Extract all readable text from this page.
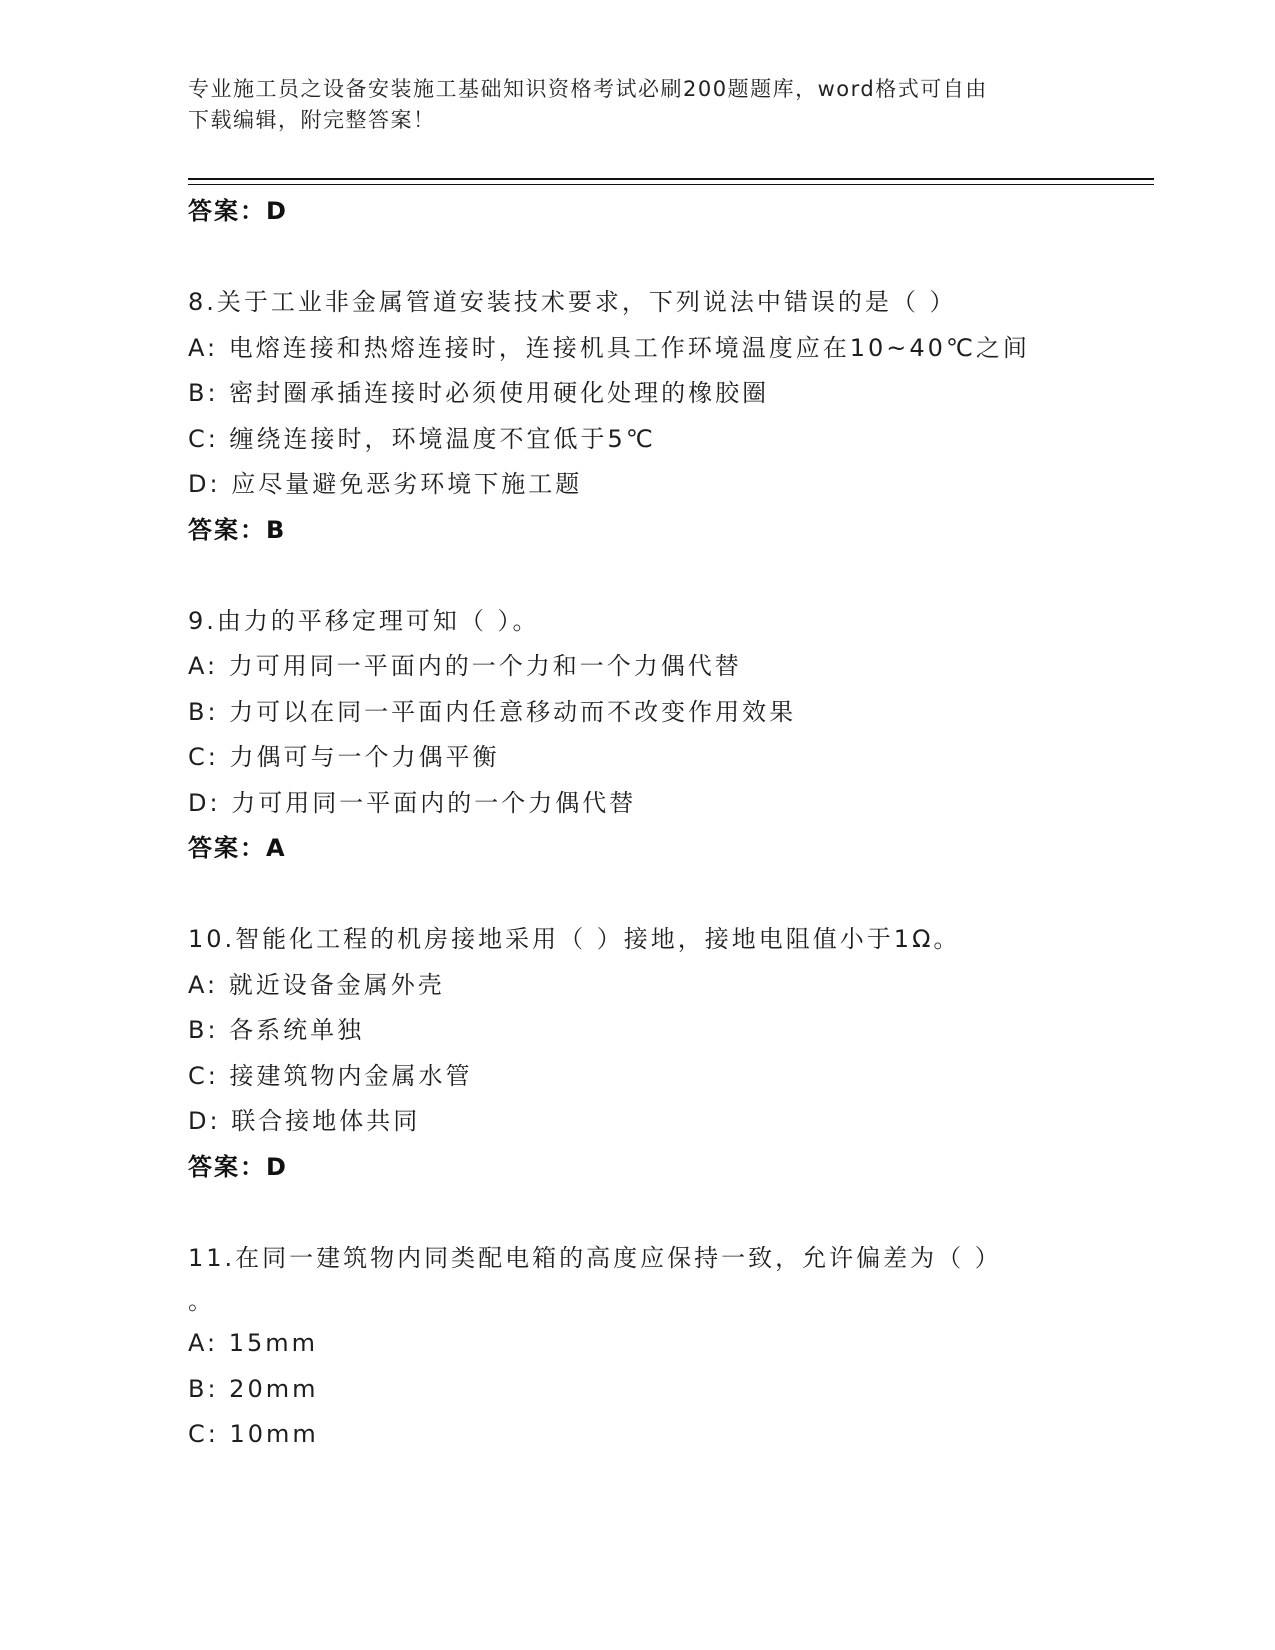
专业施工员之设备安装施工基础知识资格考试必刷200题题库，word格式可自由
下载编辑，附完整答案！
答案：D
8.关于工业非金属管道安装技术要求，下列说法中错误的是（ ）
A: 电熔连接和热熔连接时，连接机具工作环境温度应在10~40℃之间
B: 密封圈承插连接时必须使用硬化处理的橡胶圈
C: 缠绕连接时，环境温度不宜低于5℃
D: 应尽量避免恶劣环境下施工题
答案：B
9.由力的平移定理可知（ ）。
A: 力可用同一平面内的一个力和一个力偶代替
B: 力可以在同一平面内任意移动而不改变作用效果
C: 力偶可与一个力偶平衡
D: 力可用同一平面内的一个力偶代替
答案：A
10.智能化工程的机房接地采用（ ）接地，接地电阻值小于1Ω。
A: 就近设备金属外壳
B: 各系统单独
C: 接建筑物内金属水管
D: 联合接地体共同
答案：D
11.在同一建筑物内同类配电箱的高度应保持一致，允许偏差为（ ）
。
A: 15mm
B: 20mm
C: 10mm
